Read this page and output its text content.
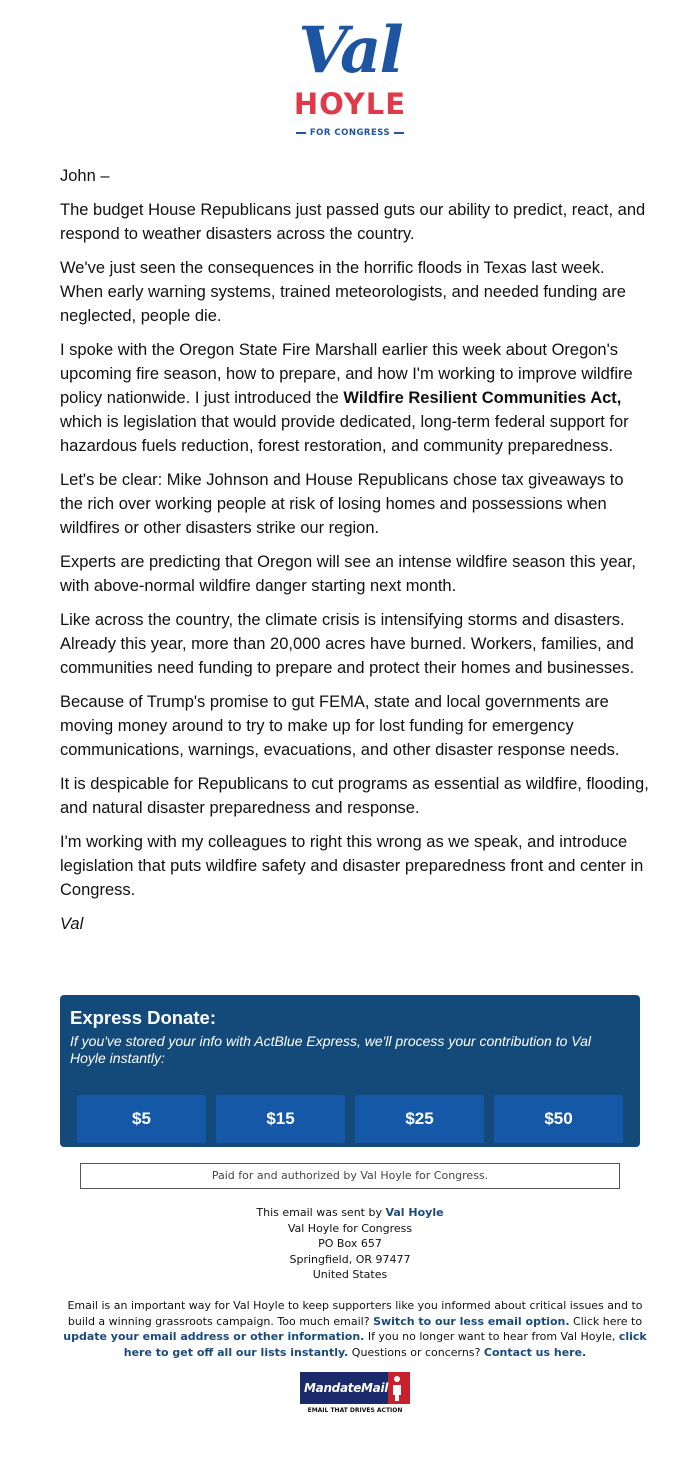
Val
HOYLE
FOR CONGRESS

John –

The budget House Republicans just passed guts our ability to predict, react, and respond to weather disasters across the country.

We've just seen the consequences in the horrific floods in Texas last week. When early warning systems, trained meteorologists, and needed funding are neglected, people die.

I spoke with the Oregon State Fire Marshall earlier this week about Oregon's upcoming fire season, how to prepare, and how I'm working to improve wildfire policy nationwide. I just introduced the Wildfire Resilient Communities Act, which is legislation that would provide dedicated, long-term federal support for hazardous fuels reduction, forest restoration, and community preparedness.

Let's be clear: Mike Johnson and House Republicans chose tax giveaways to the rich over working people at risk of losing homes and possessions when wildfires or other disasters strike our region.

Experts are predicting that Oregon will see an intense wildfire season this year, with above-normal wildfire danger starting next month.

Like across the country, the climate crisis is intensifying storms and disasters. Already this year, more than 20,000 acres have burned. Workers, families, and communities need funding to prepare and protect their homes and businesses.

Because of Trump's promise to gut FEMA, state and local governments are moving money around to try to make up for lost funding for emergency communications, warnings, evacuations, and other disaster response needs.

It is despicable for Republicans to cut programs as essential as wildfire, flooding, and natural disaster preparedness and response.

I'm working with my colleagues to right this wrong as we speak, and introduce legislation that puts wildfire safety and disaster preparedness front and center in Congress.

Val

Express Donate:
If you've stored your info with ActBlue Express, we'll process your contribution to Val Hoyle instantly:
$5	$15	$25	$50
Paid for and authorized by Val Hoyle for Congress.
This email was sent by Val Hoyle
Val Hoyle for Congress
PO Box 657
Springfield, OR 97477
United States
Email is an important way for Val Hoyle to keep supporters like you informed about critical issues and to build a winning grassroots campaign. Too much email? Switch to our less email option. Click here to update your email address or other information. If you no longer want to hear from Val Hoyle, click here to get off all our lists instantly. Questions or concerns? Contact us here.
MandateMail
EMAIL THAT DRIVES ACTION
